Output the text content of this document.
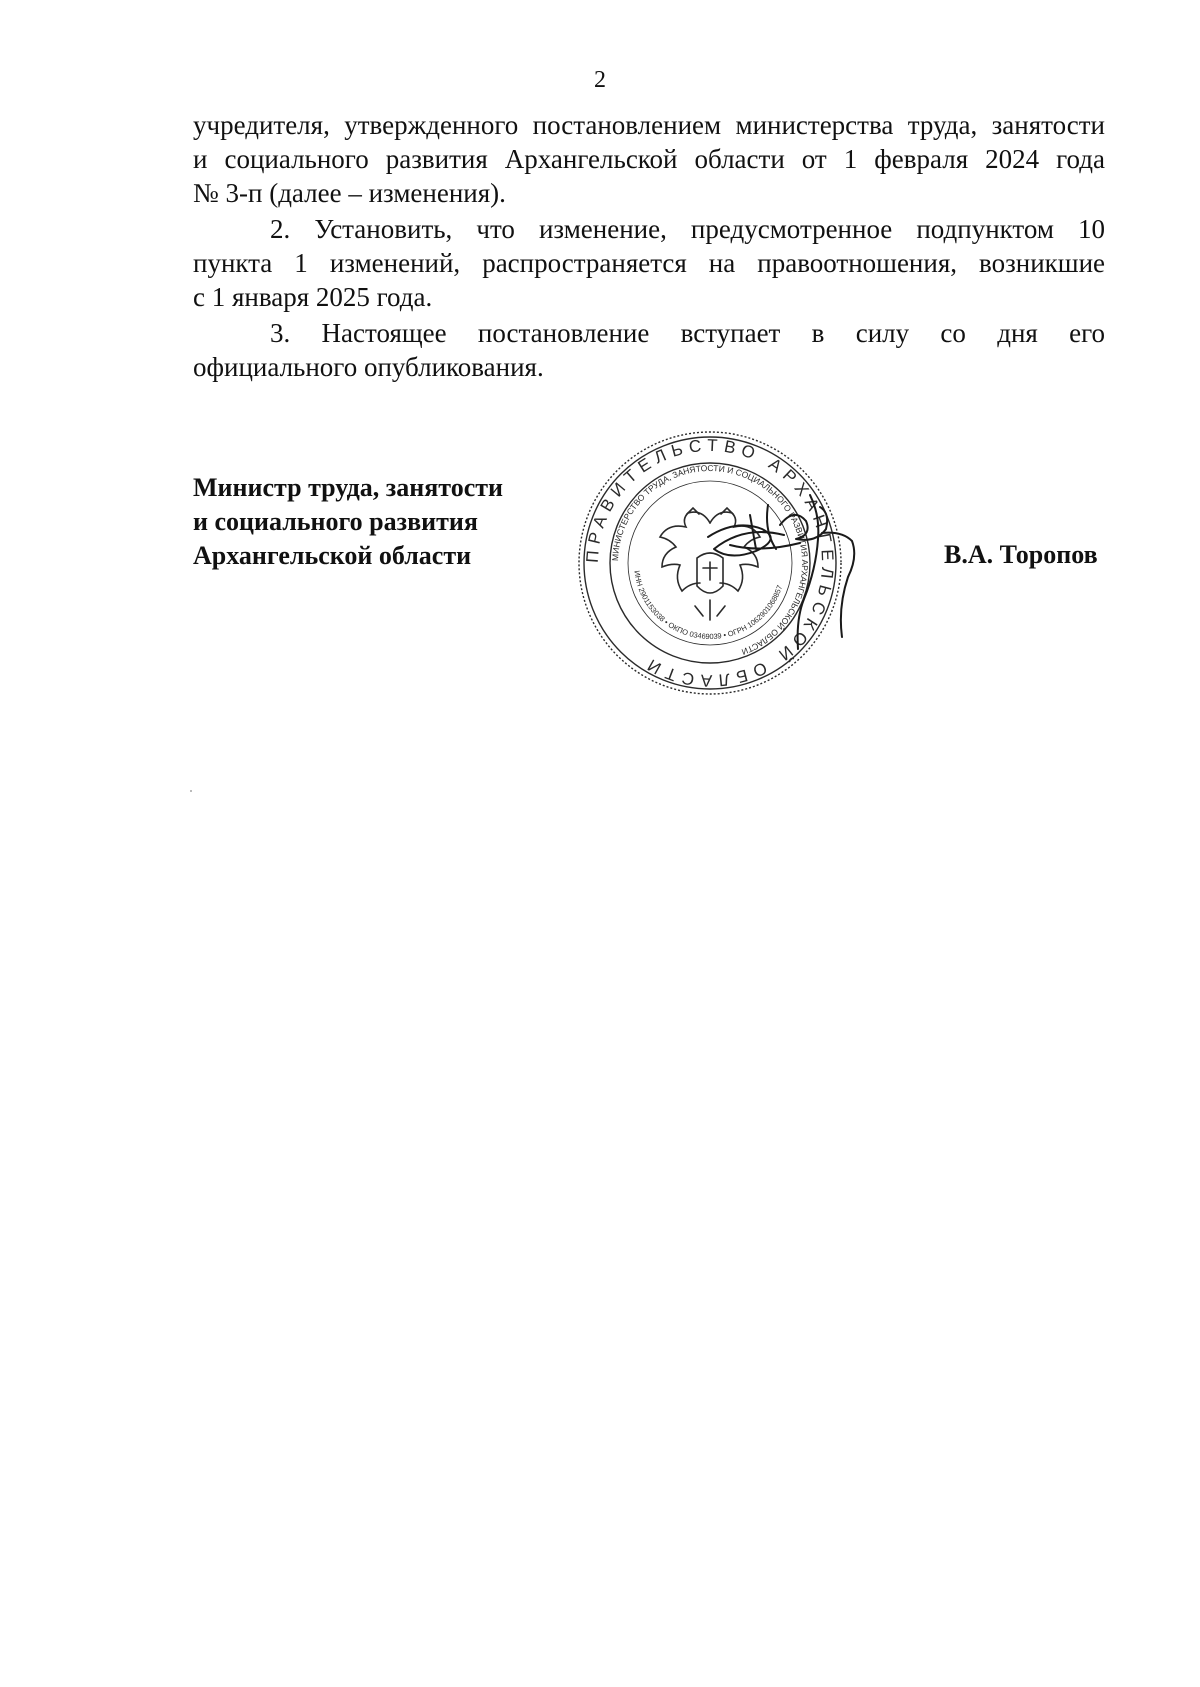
2

учредителя, утвержденного постановлением министерства труда, занятости
и социального развития Архангельской области от 1 февраля 2024 года
№ 3-п (далее – изменения).

2. Установить, что изменение, предусмотренное подпунктом 10
пункта 1 изменений, распространяется на правоотношения, возникшие
с 1 января 2025 года.

3. Настоящее постановление вступает в силу со дня его
официального опубликования.

Министр труда, занятости
и социального развития
Архангельской области	В.А. Торопов
ПРАВИТЕЛЬСТВО АРХАНГЕЛЬСКОЙ ОБЛАСТИ
МИНИСТЕРСТВО ТРУДА, ЗАНЯТОСТИ И СОЦИАЛЬНОГО РАЗВИТИЯ АРХАНГЕЛЬСКОЙ ОБЛАСТИ
ИНН 2901153038 • ОКПО 03469039 • ОГРН 1062901068857
